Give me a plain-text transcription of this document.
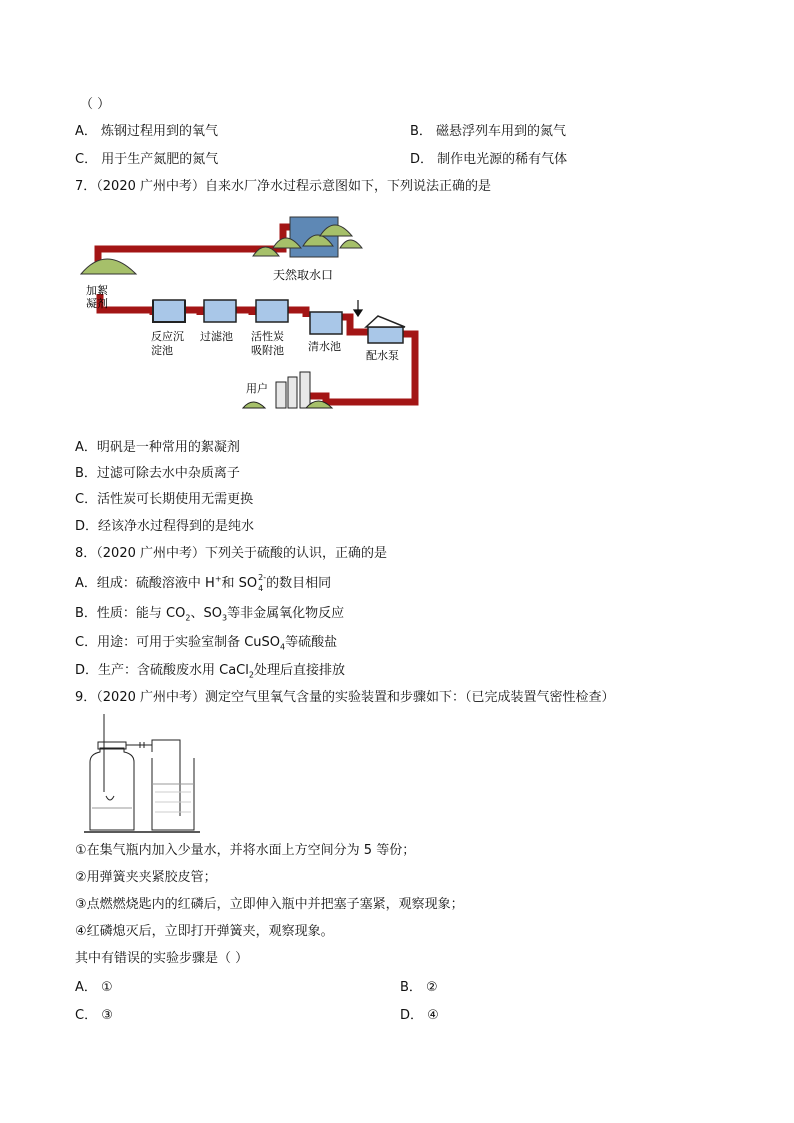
（ ）
A． 炼钢过程用到的氧气	B． 磁悬浮列车用到的氮气
C． 用于生产氮肥的氮气	D． 制作电光源的稀有气体
7．（2020 广州中考）自来水厂净水过程示意图如下，下列说法正确的是
天然取水口
加絮
凝剂
反应沉
淀池
过滤池 活性炭
吸附池 清水池
配水泵
用户
A．明矾是一种常用的絮凝剂
B．过滤可除去水中杂质离子
C．活性炭可长期使用无需更换
D．经该净水过程得到的是纯水
8．（2020 广州中考）下列关于硫酸的认识，正确的是
A．组成：硫酸溶液中 H+和 SO 2-
4 的数目相同
B．性质：能与 $CO_2$、$SO_3$等非金属氧化物反应
C．用途：可用于实验室制备 CuSO$_4$等硫酸盐
D．生产：含硫酸废水用 CaCl$_2$处理后直接排放
9．（2020 广州中考）测定空气里氧气含量的实验装置和步骤如下：（已完成装置气密性检查）
①在集气瓶内加入少量水，并将水面上方空间分为 5 等份；
②用弹簧夹夹紧胶皮管；
③点燃燃烧匙内的红磷后，立即伸入瓶中并把塞子塞紧，观察现象；
④红磷熄灭后，立即打开弹簧夹，观察现象。
其中有错误的实验步骤是（ ）
A． ①	B． ②
C． ③	D． ④
